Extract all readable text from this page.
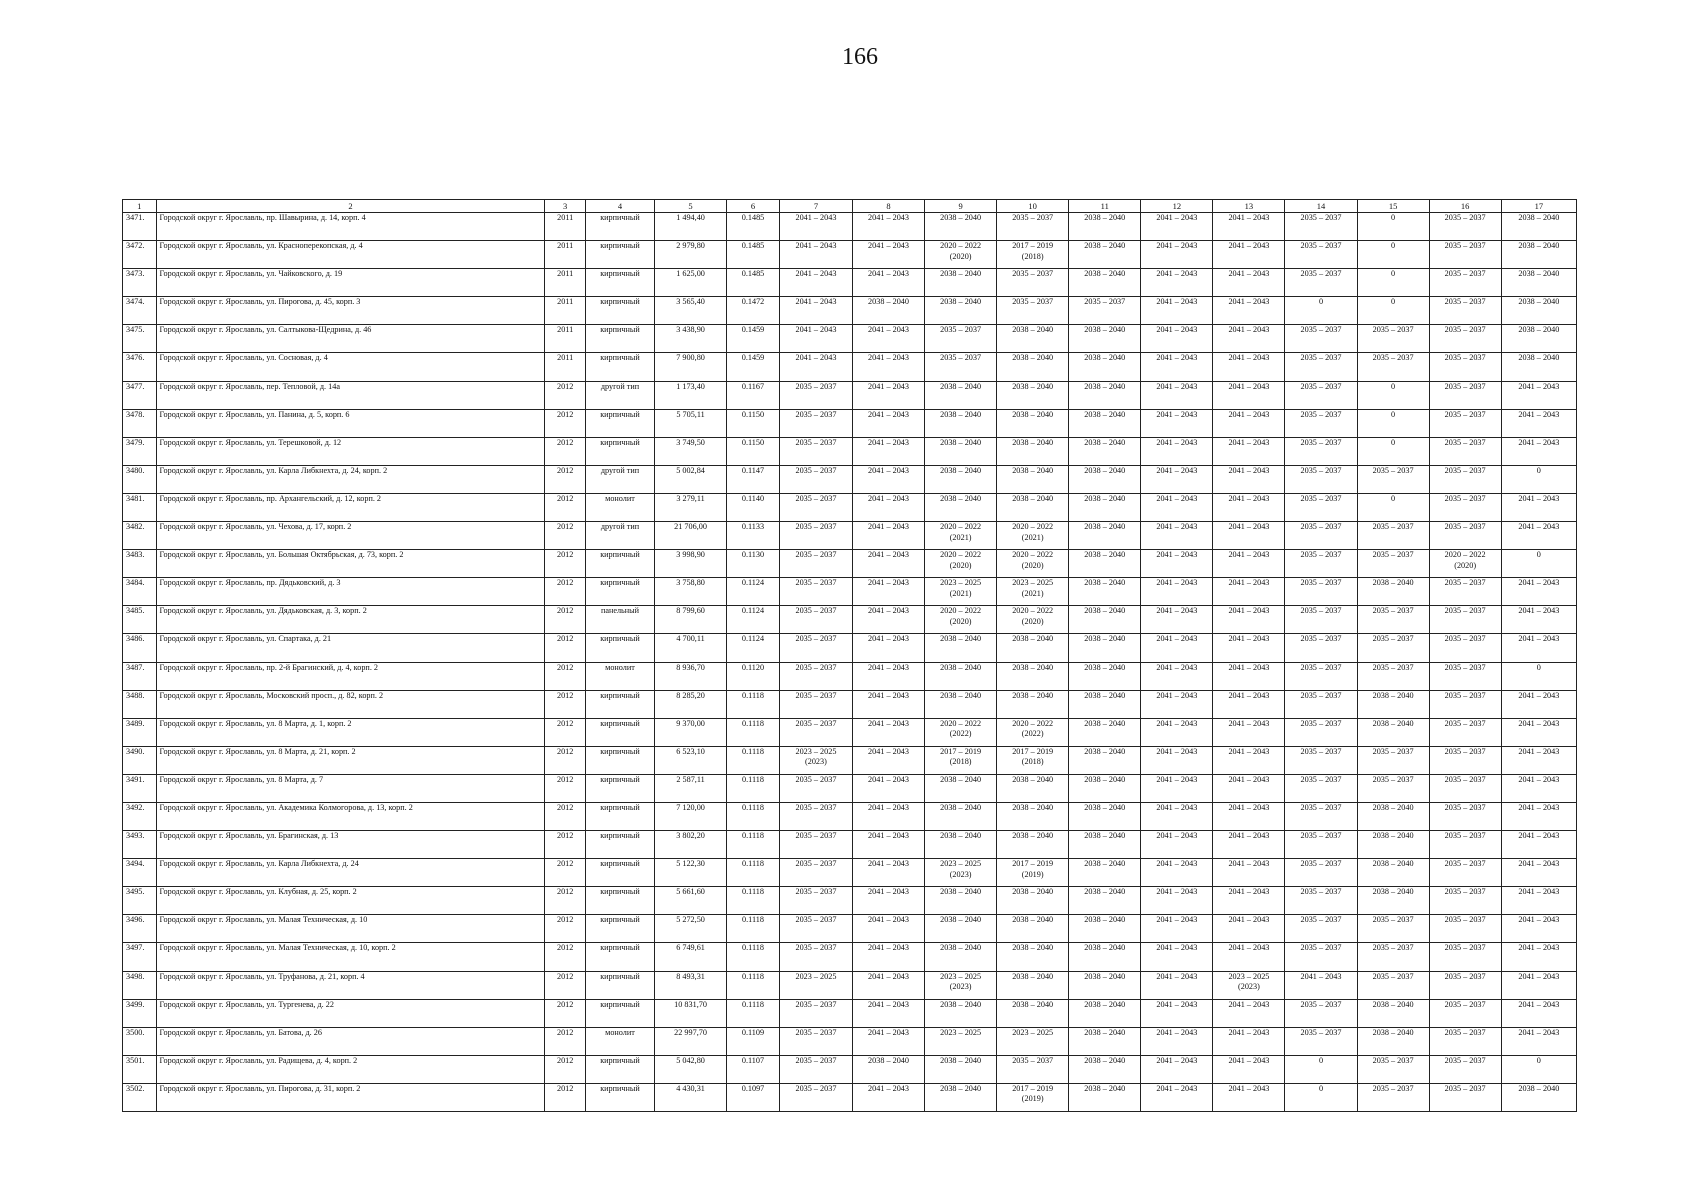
166
1	2	3	4	5	6	7	8	9	10	11	12	13	14	15	16	17

3471.	Городской округ г. Ярославль, пр. Шавырина, д. 14, корп. 4	2011	кирпичный	1 494,40	0.1485	2041 – 2043	2041 – 2043	2038 – 2040	2035 – 2037	2038 – 2040	2041 – 2043	2041 – 2043	2035 – 2037	0	2035 – 2037	2038 – 2040

3472.	Городской округ г. Ярославль, ул. Красноперекопская, д. 4	2011	кирпичный	2 979,80	0.1485	2041 – 2043	2041 – 2043	2020 – 2022
(2020)	2017 – 2019
(2018)	2038 – 2040	2041 – 2043	2041 – 2043	2035 – 2037	0	2035 – 2037	2038 – 2040

3473.	Городской округ г. Ярославль, ул. Чайковского, д. 19	2011	кирпичный	1 625,00	0.1485	2041 – 2043	2041 – 2043	2038 – 2040	2035 – 2037	2038 – 2040	2041 – 2043	2041 – 2043	2035 – 2037	0	2035 – 2037	2038 – 2040

3474.	Городской округ г. Ярославль, ул. Пирогова, д. 45, корп. 3	2011	кирпичный	3 565,40	0.1472	2041 – 2043	2038 – 2040	2038 – 2040	2035 – 2037	2035 – 2037	2041 – 2043	2041 – 2043	0	0	2035 – 2037	2038 – 2040

3475.	Городской округ г. Ярославль, ул. Салтыкова-Щедрина, д. 46	2011	кирпичный	3 438,90	0.1459	2041 – 2043	2041 – 2043	2035 – 2037	2038 – 2040	2038 – 2040	2041 – 2043	2041 – 2043	2035 – 2037	2035 – 2037	2035 – 2037	2038 – 2040

3476.	Городской округ г. Ярославль, ул. Сосновая, д. 4	2011	кирпичный	7 900,80	0.1459	2041 – 2043	2041 – 2043	2035 – 2037	2038 – 2040	2038 – 2040	2041 – 2043	2041 – 2043	2035 – 2037	2035 – 2037	2035 – 2037	2038 – 2040

3477.	Городской округ г. Ярославль, пер. Тепловой, д. 14а	2012	другой тип	1 173,40	0.1167	2035 – 2037	2041 – 2043	2038 – 2040	2038 – 2040	2038 – 2040	2041 – 2043	2041 – 2043	2035 – 2037	0	2035 – 2037	2041 – 2043

3478.	Городской округ г. Ярославль, ул. Панина, д. 5, корп. 6	2012	кирпичный	5 705,11	0.1150	2035 – 2037	2041 – 2043	2038 – 2040	2038 – 2040	2038 – 2040	2041 – 2043	2041 – 2043	2035 – 2037	0	2035 – 2037	2041 – 2043

3479.	Городской округ г. Ярославль, ул. Терешковой, д. 12	2012	кирпичный	3 749,50	0.1150	2035 – 2037	2041 – 2043	2038 – 2040	2038 – 2040	2038 – 2040	2041 – 2043	2041 – 2043	2035 – 2037	0	2035 – 2037	2041 – 2043

3480.	Городской округ г. Ярославль, ул. Карла Либкнехта, д. 24, корп. 2	2012	другой тип	5 002,84	0.1147	2035 – 2037	2041 – 2043	2038 – 2040	2038 – 2040	2038 – 2040	2041 – 2043	2041 – 2043	2035 – 2037	2035 – 2037	2035 – 2037	0

3481.	Городской округ г. Ярославль, пр. Архангельский, д. 12, корп. 2	2012	монолит	3 279,11	0.1140	2035 – 2037	2041 – 2043	2038 – 2040	2038 – 2040	2038 – 2040	2041 – 2043	2041 – 2043	2035 – 2037	0	2035 – 2037	2041 – 2043

3482.	Городской округ г. Ярославль, ул. Чехова, д. 17, корп. 2	2012	другой тип	21 706,00	0.1133	2035 – 2037	2041 – 2043	2020 – 2022
(2021)	2020 – 2022
(2021)	2038 – 2040	2041 – 2043	2041 – 2043	2035 – 2037	2035 – 2037	2035 – 2037	2041 – 2043

3483.	Городской округ г. Ярославль, ул. Большая Октябрьская, д. 73, корп. 2	2012	кирпичный	3 998,90	0.1130	2035 – 2037	2041 – 2043	2020 – 2022
(2020)	2020 – 2022
(2020)	2038 – 2040	2041 – 2043	2041 – 2043	2035 – 2037	2035 – 2037	2020 – 2022
(2020)	0

3484.	Городской округ г. Ярославль, пр. Дядьковский, д. 3	2012	кирпичный	3 758,80	0.1124	2035 – 2037	2041 – 2043	2023 – 2025
(2021)	2023 – 2025
(2021)	2038 – 2040	2041 – 2043	2041 – 2043	2035 – 2037	2038 – 2040	2035 – 2037	2041 – 2043

3485.	Городской округ г. Ярославль, ул. Дядьковская, д. 3, корп. 2	2012	панельный	8 799,60	0.1124	2035 – 2037	2041 – 2043	2020 – 2022
(2020)	2020 – 2022
(2020)	2038 – 2040	2041 – 2043	2041 – 2043	2035 – 2037	2035 – 2037	2035 – 2037	2041 – 2043

3486.	Городской округ г. Ярославль, ул. Спартака, д. 21	2012	кирпичный	4 700,11	0.1124	2035 – 2037	2041 – 2043	2038 – 2040	2038 – 2040	2038 – 2040	2041 – 2043	2041 – 2043	2035 – 2037	2035 – 2037	2035 – 2037	2041 – 2043

3487.	Городской округ г. Ярославль, пр. 2-й Брагинский, д. 4, корп. 2	2012	монолит	8 936,70	0.1120	2035 – 2037	2041 – 2043	2038 – 2040	2038 – 2040	2038 – 2040	2041 – 2043	2041 – 2043	2035 – 2037	2035 – 2037	2035 – 2037	0

3488.	Городской округ г. Ярославль, Московский просп., д. 82, корп. 2	2012	кирпичный	8 285,20	0.1118	2035 – 2037	2041 – 2043	2038 – 2040	2038 – 2040	2038 – 2040	2041 – 2043	2041 – 2043	2035 – 2037	2038 – 2040	2035 – 2037	2041 – 2043

3489.	Городской округ г. Ярославль, ул. 8 Марта, д. 1, корп. 2	2012	кирпичный	9 370,00	0.1118	2035 – 2037	2041 – 2043	2020 – 2022
(2022)	2020 – 2022
(2022)	2038 – 2040	2041 – 2043	2041 – 2043	2035 – 2037	2038 – 2040	2035 – 2037	2041 – 2043

3490.	Городской округ г. Ярославль, ул. 8 Марта, д. 21, корп. 2	2012	кирпичный	6 523,10	0.1118	2023 – 2025
(2023)	2041 – 2043	2017 – 2019
(2018)	2017 – 2019
(2018)	2038 – 2040	2041 – 2043	2041 – 2043	2035 – 2037	2035 – 2037	2035 – 2037	2041 – 2043

3491.	Городской округ г. Ярославль, ул. 8 Марта, д. 7	2012	кирпичный	2 587,11	0.1118	2035 – 2037	2041 – 2043	2038 – 2040	2038 – 2040	2038 – 2040	2041 – 2043	2041 – 2043	2035 – 2037	2035 – 2037	2035 – 2037	2041 – 2043

3492.	Городской округ г. Ярославль, ул. Академика Колмогорова, д. 13, корп. 2	2012	кирпичный	7 120,00	0.1118	2035 – 2037	2041 – 2043	2038 – 2040	2038 – 2040	2038 – 2040	2041 – 2043	2041 – 2043	2035 – 2037	2038 – 2040	2035 – 2037	2041 – 2043

3493.	Городской округ г. Ярославль, ул. Брагинская, д. 13	2012	кирпичный	3 802,20	0.1118	2035 – 2037	2041 – 2043	2038 – 2040	2038 – 2040	2038 – 2040	2041 – 2043	2041 – 2043	2035 – 2037	2038 – 2040	2035 – 2037	2041 – 2043

3494.	Городской округ г. Ярославль, ул. Карла Либкнехта, д. 24	2012	кирпичный	5 122,30	0.1118	2035 – 2037	2041 – 2043	2023 – 2025
(2023)	2017 – 2019
(2019)	2038 – 2040	2041 – 2043	2041 – 2043	2035 – 2037	2038 – 2040	2035 – 2037	2041 – 2043

3495.	Городской округ г. Ярославль, ул. Клубная, д. 25, корп. 2	2012	кирпичный	5 661,60	0.1118	2035 – 2037	2041 – 2043	2038 – 2040	2038 – 2040	2038 – 2040	2041 – 2043	2041 – 2043	2035 – 2037	2038 – 2040	2035 – 2037	2041 – 2043

3496.	Городской округ г. Ярославль, ул. Малая Техническая, д. 10	2012	кирпичный	5 272,50	0.1118	2035 – 2037	2041 – 2043	2038 – 2040	2038 – 2040	2038 – 2040	2041 – 2043	2041 – 2043	2035 – 2037	2035 – 2037	2035 – 2037	2041 – 2043

3497.	Городской округ г. Ярославль, ул. Малая Техническая, д. 10, корп. 2	2012	кирпичный	6 749,61	0.1118	2035 – 2037	2041 – 2043	2038 – 2040	2038 – 2040	2038 – 2040	2041 – 2043	2041 – 2043	2035 – 2037	2035 – 2037	2035 – 2037	2041 – 2043

3498.	Городской округ г. Ярославль, ул. Труфанова, д. 21, корп. 4	2012	кирпичный	8 493,31	0.1118	2023 – 2025	2041 – 2043	2023 – 2025
(2023)	2038 – 2040	2038 – 2040	2041 – 2043	2023 – 2025
(2023)	2041 – 2043	2035 – 2037	2035 – 2037	2041 – 2043

3499.	Городской округ г. Ярославль, ул. Тургенева, д. 22	2012	кирпичный	10 831,70	0.1118	2035 – 2037	2041 – 2043	2038 – 2040	2038 – 2040	2038 – 2040	2041 – 2043	2041 – 2043	2035 – 2037	2038 – 2040	2035 – 2037	2041 – 2043

3500.	Городской округ г. Ярославль, ул. Батова, д. 26	2012	монолит	22 997,70	0.1109	2035 – 2037	2041 – 2043	2023 – 2025	2023 – 2025	2038 – 2040	2041 – 2043	2041 – 2043	2035 – 2037	2038 – 2040	2035 – 2037	2041 – 2043

3501.	Городской округ г. Ярославль, ул. Радищева, д. 4, корп. 2	2012	кирпичный	5 042,80	0.1107	2035 – 2037	2038 – 2040	2038 – 2040	2035 – 2037	2038 – 2040	2041 – 2043	2041 – 2043	0	2035 – 2037	2035 – 2037	0

3502.	Городской округ г. Ярославль, ул. Пирогова, д. 31, корп. 2	2012	кирпичный	4 430,31	0.1097	2035 – 2037	2041 – 2043	2038 – 2040	2017 – 2019
(2019)	2038 – 2040	2041 – 2043	2041 – 2043	0	2035 – 2037	2035 – 2037	2038 – 2040
